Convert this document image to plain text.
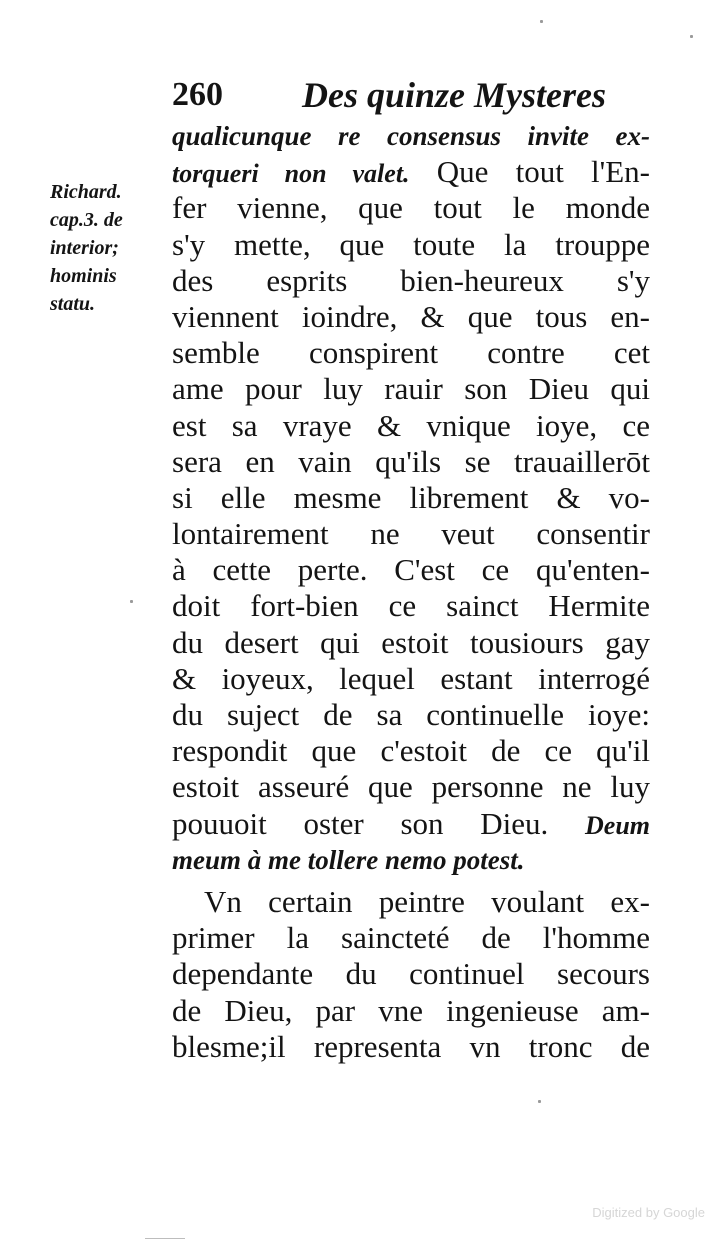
260 Des quinze Mysteres
Richard.
cap.3. de
interior;
hominis
statu.
qualicunque re consensus invite ex-
torqueri non valet. Que tout l'En-
fer vienne, que tout le monde
s'y mette, que toute la trouppe
des esprits bien-heureux s'y
viennent ioindre, & que tous en-
semble conspirent contre cet
ame pour luy rauir son Dieu qui
est sa vraye & vnique ioye, ce
sera en vain qu'ils se trauaillerōt
si elle mesme librement & vo-
lontairement ne veut consentir
à cette perte. C'est ce qu'enten-
doit fort-bien ce sainct Hermite
du desert qui estoit tousiours gay
& ioyeux, lequel estant interrogé
du suject de sa continuelle ioye:
respondit que c'estoit de ce qu'il
estoit asseuré que personne ne luy
pouuoit oster son Dieu. Deum
meum à me tollere nemo potest.
Vn certain peintre voulant ex-
primer la saincteté de l'homme
dependante du continuel secours
de Dieu, par vne ingenieuse am-
blesme;il representa vn tronc de
Digitized by Google
